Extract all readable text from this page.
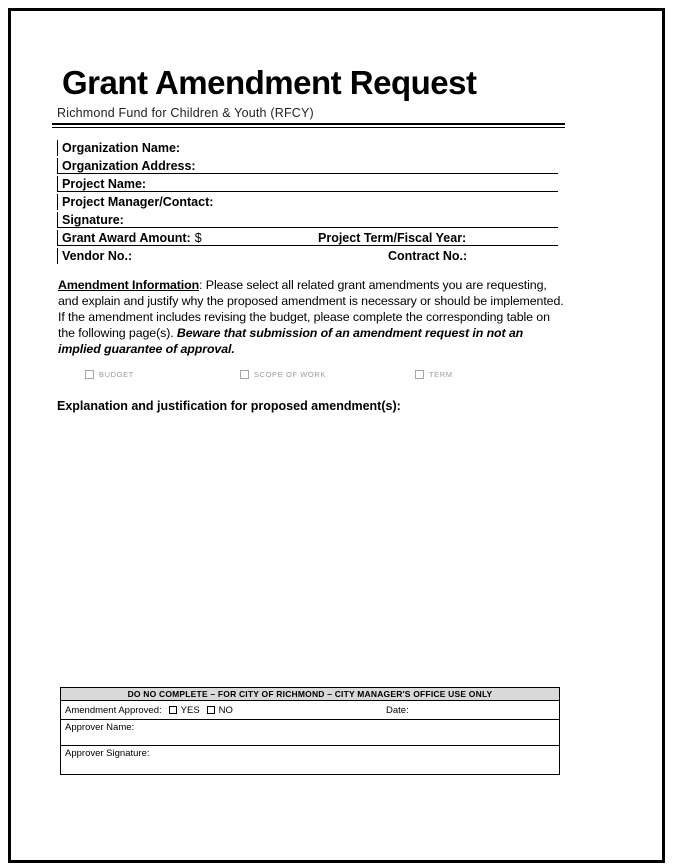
Grant Amendment Request
Richmond Fund for Children & Youth (RFCY)
Organization Name:
Organization Address:
Project Name:
Project Manager/Contact:
Signature:
Grant Award Amount: $	Project Term/Fiscal Year:
Vendor No.:	Contract No.:

Amendment Information: Please select all related grant amendments you are requesting, and explain and justify why the proposed amendment is necessary or should be implemented. If the amendment includes revising the budget, please complete the corresponding table on the following page(s). Beware that submission of an amendment request in not an implied guarantee of approval.

BUDGET	SCOPE OF WORK	TERM
Explanation and justification for proposed amendment(s):
DO NO COMPLETE – FOR CITY OF RICHMOND – CITY MANAGER'S OFFICE USE ONLY
Amendment Approved: YES NO	Date:
Approver Name:
Approver Signature:
